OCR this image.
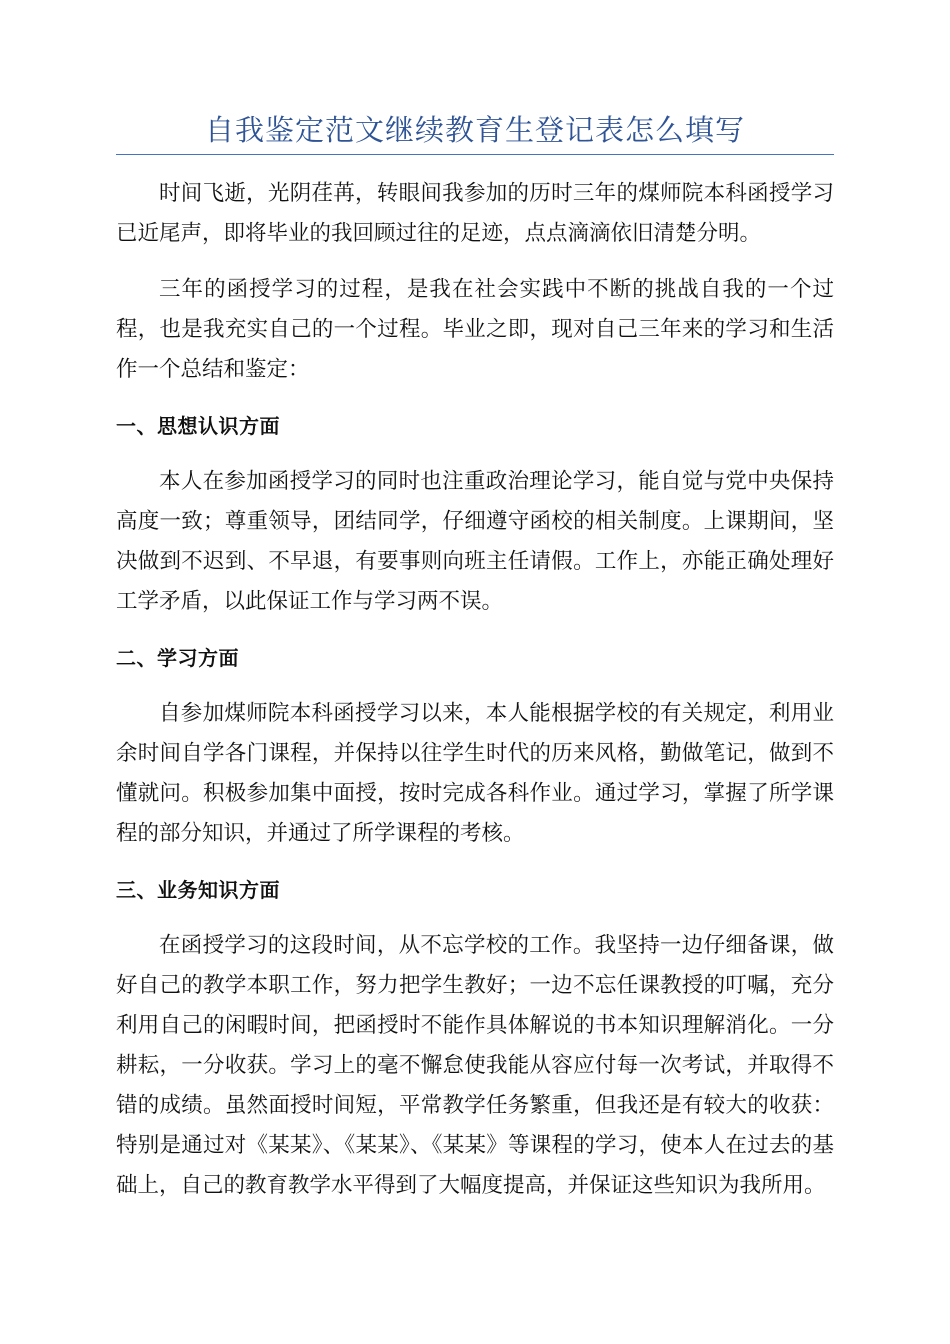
自我鉴定范文继续教育生登记表怎么填写

时间飞逝，光阴荏苒，转眼间我参加的历时三年的煤师院本科函授学习已近尾声，即将毕业的我回顾过往的足迹，点点滴滴依旧清楚分明。

三年的函授学习的过程，是我在社会实践中不断的挑战自我的一个过程，也是我充实自己的一个过程。毕业之即，现对自己三年来的学习和生活作一个总结和鉴定：

一、思想认识方面

本人在参加函授学习的同时也注重政治理论学习，能自觉与党中央保持高度一致；尊重领导，团结同学，仔细遵守函校的相关制度。上课期间，坚决做到不迟到、不早退，有要事则向班主任请假。工作上，亦能正确处理好工学矛盾，以此保证工作与学习两不误。

二、学习方面

自参加煤师院本科函授学习以来，本人能根据学校的有关规定，利用业余时间自学各门课程，并保持以往学生时代的历来风格，勤做笔记，做到不懂就问。积极参加集中面授，按时完成各科作业。通过学习，掌握了所学课程的部分知识，并通过了所学课程的考核。

三、业务知识方面

在函授学习的这段时间，从不忘学校的工作。我坚持一边仔细备课，做好自己的教学本职工作，努力把学生教好；一边不忘任课教授的叮嘱，充分利用自己的闲暇时间，把函授时不能作具体解说的书本知识理解消化。一分耕耘，一分收获。学习上的毫不懈怠使我能从容应付每一次考试，并取得不错的成绩。虽然面授时间短，平常教学任务繁重，但我还是有较大的收获：特别是通过对《某某》、《某某》、《某某》等课程的学习，使本人在过去的基础上，自己的教育教学水平得到了大幅度提高，并保证这些知识为我所用。
